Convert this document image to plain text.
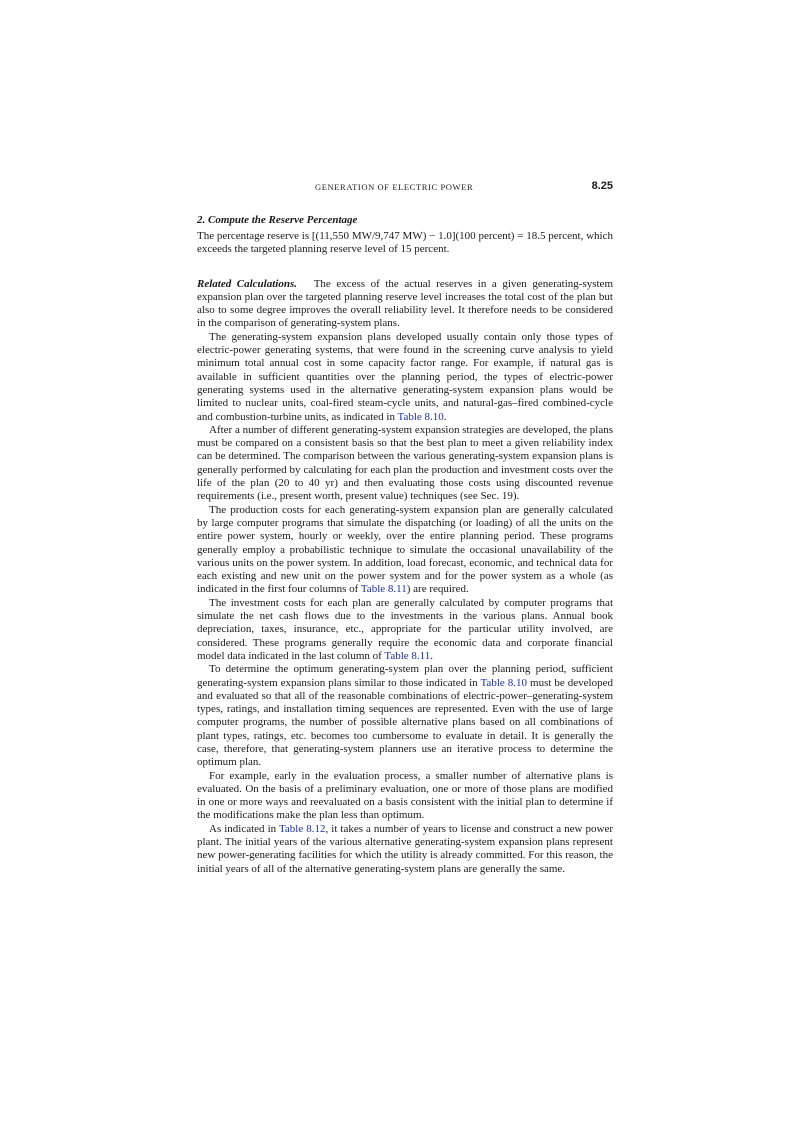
GENERATION OF ELECTRIC POWER	8.25
2. Compute the Reserve Percentage

The percentage reserve is [(11,550 MW/9,747 MW) − 1.0](100 percent) = 18.5 percent, which exceeds the targeted planning reserve level of 15 percent.

Related Calculations. The excess of the actual reserves in a given generating-system expansion plan over the targeted planning reserve level increases the total cost of the plan but also to some degree improves the overall reliability level. It therefore needs to be considered in the comparison of generating-system plans.

The generating-system expansion plans developed usually contain only those types of electric-power generating systems, that were found in the screening curve analysis to yield minimum total annual cost in some capacity factor range. For example, if natural gas is available in sufficient quantities over the planning period, the types of electric-power generating systems used in the alternative generating-system expansion plans would be limited to nuclear units, coal-fired steam-cycle units, and natural-gas–fired combined-cycle and combustion-turbine units, as indicated in Table 8.10.

After a number of different generating-system expansion strategies are developed, the plans must be compared on a consistent basis so that the best plan to meet a given reliability index can be determined. The comparison between the various generating-system expansion plans is generally performed by calculating for each plan the production and investment costs over the life of the plan (20 to 40 yr) and then evaluating those costs using discounted revenue requirements (i.e., present worth, present value) techniques (see Sec. 19).

The production costs for each generating-system expansion plan are generally calculated by large computer programs that simulate the dispatching (or loading) of all the units on the entire power system, hourly or weekly, over the entire planning period. These programs generally employ a probabilistic technique to simulate the occasional unavailability of the various units on the power system. In addition, load forecast, economic, and technical data for each existing and new unit on the power system and for the power system as a whole (as indicated in the first four columns of Table 8.11) are required.

The investment costs for each plan are generally calculated by computer programs that simulate the net cash flows due to the investments in the various plans. Annual book depreciation, taxes, insurance, etc., appropriate for the particular utility involved, are considered. These programs generally require the economic data and corporate financial model data indicated in the last column of Table 8.11.

To determine the optimum generating-system plan over the planning period, sufficient generating-system expansion plans similar to those indicated in Table 8.10 must be developed and evaluated so that all of the reasonable combinations of electric-power–generating-system types, ratings, and installation timing sequences are represented. Even with the use of large computer programs, the number of possible alternative plans based on all combinations of plant types, ratings, etc. becomes too cumbersome to evaluate in detail. It is generally the case, therefore, that generating-system planners use an iterative process to determine the optimum plan.

For example, early in the evaluation process, a smaller number of alternative plans is evaluated. On the basis of a preliminary evaluation, one or more of those plans are modified in one or more ways and reevaluated on a basis consistent with the initial plan to determine if the modifications make the plan less than optimum.

As indicated in Table 8.12, it takes a number of years to license and construct a new power plant. The initial years of the various alternative generating-system expansion plans represent new power-generating facilities for which the utility is already committed. For this reason, the initial years of all of the alternative generating-system plans are generally the same.
